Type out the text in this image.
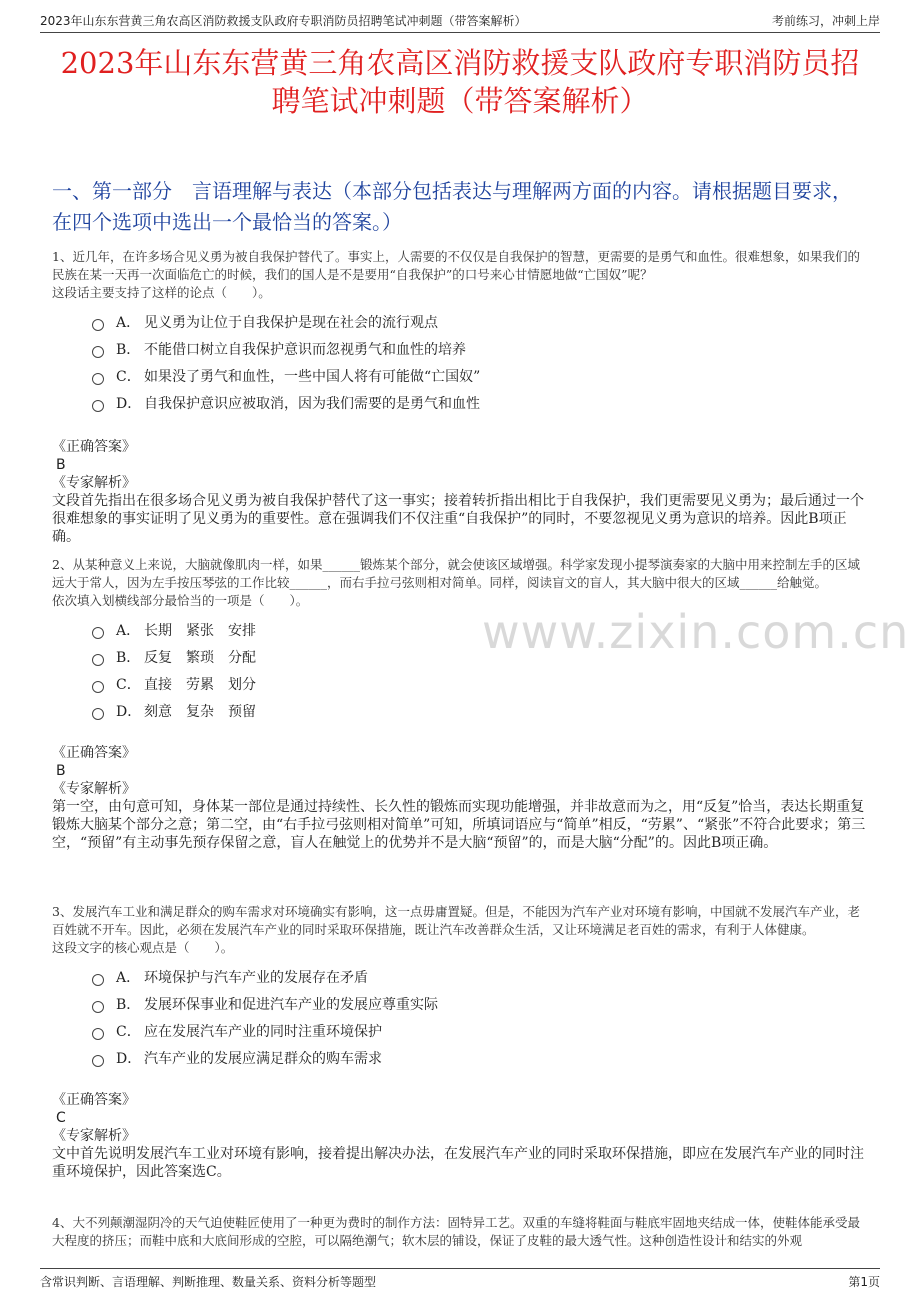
2023年山东东营黄三角农高区消防救援支队政府专职消防员招聘笔试冲刺题（带答案解析）	考前练习，冲刺上岸
2023年山东东营黄三角农高区消防救援支队政府专职消防员招聘笔试冲刺题（带答案解析）
一、第一部分　言语理解与表达（本部分包括表达与理解两方面的内容。请根据题目要求，在四个选项中选出一个最恰当的答案。）
1、近几年，在许多场合见义勇为被自我保护替代了。事实上，人需要的不仅仅是自我保护的智慧，更需要的是勇气和血性。很难想象，如果我们的民族在某一天再一次面临危亡的时候，我们的国人是不是要用“自我保护”的口号来心甘情愿地做“亡国奴”呢？
这段话主要支持了这样的论点（　　）。
A． 见义勇为让位于自我保护是现在社会的流行观点
B． 不能借口树立自我保护意识而忽视勇气和血性的培养
C． 如果没了勇气和血性，一些中国人将有可能做“亡国奴”
D． 自我保护意识应被取消，因为我们需要的是勇气和血性
《正确答案》
B
《专家解析》
文段首先指出在很多场合见义勇为被自我保护替代了这一事实；接着转折指出相比于自我保护，我们更需要见义勇为；最后通过一个很难想象的事实证明了见义勇为的重要性。意在强调我们不仅注重“自我保护”的同时，不要忽视见义勇为意识的培养。因此B项正确。
2、从某种意义上来说，大脑就像肌肉一样，如果______锻炼某个部分，就会使该区域增强。科学家发现小提琴演奏家的大脑中用来控制左手的区域远大于常人，因为左手按压琴弦的工作比较______，而右手拉弓弦则相对简单。同样，阅读盲文的盲人，其大脑中很大的区域______给触觉。
依次填入划横线部分最恰当的一项是（　　）。
A． 长期　紧张　安排
B． 反复　繁琐　分配
C． 直接　劳累　划分
D． 刻意　复杂　预留
《正确答案》
B
《专家解析》
第一空，由句意可知，身体某一部位是通过持续性、长久性的锻炼而实现功能增强，并非故意而为之，用“反复”恰当，表达长期重复锻炼大脑某个部分之意；第二空，由“右手拉弓弦则相对简单”可知，所填词语应与“简单”相反，“劳累”、“紧张”不符合此要求；第三空，“预留”有主动事先预存保留之意，盲人在触觉上的优势并不是大脑“预留”的，而是大脑“分配”的。因此B项正确。
3、发展汽车工业和满足群众的购车需求对环境确实有影响，这一点毋庸置疑。但是，不能因为汽车产业对环境有影响，中国就不发展汽车产业，老百姓就不开车。因此，必须在发展汽车产业的同时采取环保措施，既让汽车改善群众生活，又让环境满足老百姓的需求，有利于人体健康。
这段文字的核心观点是（　　）。
A． 环境保护与汽车产业的发展存在矛盾
B． 发展环保事业和促进汽车产业的发展应尊重实际
C． 应在发展汽车产业的同时注重环境保护
D． 汽车产业的发展应满足群众的购车需求
《正确答案》
C
《专家解析》
文中首先说明发展汽车工业对环境有影响，接着提出解决办法，在发展汽车产业的同时采取环保措施，即应在发展汽车产业的同时注重环境保护，因此答案选C。
4、大不列颠潮湿阴冷的天气迫使鞋匠使用了一种更为费时的制作方法：固特异工艺。双重的车缝将鞋面与鞋底牢固地夹结成一体，使鞋体能承受最大程度的挤压；而鞋中底和大底间形成的空腔，可以隔绝潮气；软木层的铺设，保证了皮鞋的最大透气性。这种创造性设计和结实的外观
www.zixin.com.cn
含常识判断、言语理解、判断推理、数量关系、资料分析等题型	第1页
